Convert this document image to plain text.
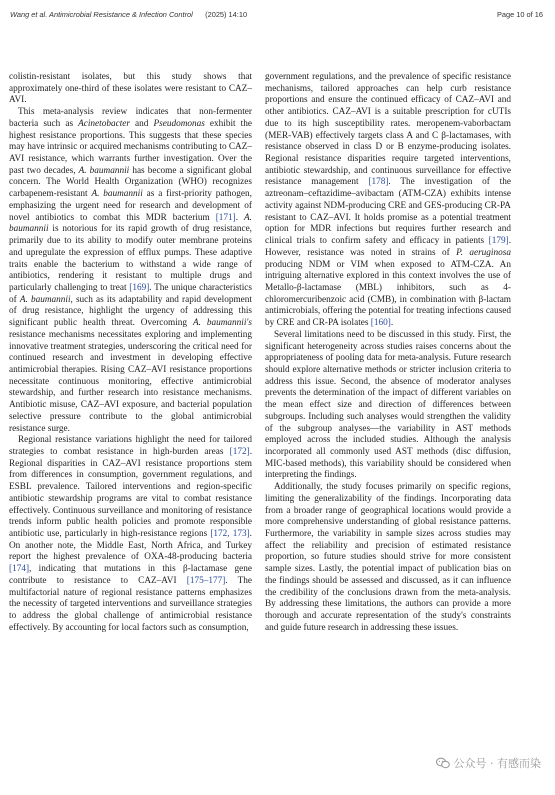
Wang et al. Antimicrobial Resistance & Infection Control (2025) 14:10	Page 10 of 16

colistin-resistant isolates, but this study shows that approximately one-third of these isolates were resistant to CAZ–AVI.

This meta-analysis review indicates that non-fermenter bacteria such as Acinetobacter and Pseudomonas exhibit the highest resistance proportions. This suggests that these species may have intrinsic or acquired mechanisms contributing to CAZ–AVI resistance, which warrants further investigation. Over the past two decades, A. baumannii has become a significant global concern. The World Health Organization (WHO) recognizes carbapenem-resistant A. baumannii as a first-priority pathogen, emphasizing the urgent need for research and development of novel antibiotics to combat this MDR bacterium [171]. A. baumannii is notorious for its rapid growth of drug resistance, primarily due to its ability to modify outer membrane proteins and upregulate the expression of efflux pumps. These adaptive traits enable the bacterium to withstand a wide range of antibiotics, rendering it resistant to multiple drugs and particularly challenging to treat [169]. The unique characteristics of A. baumannii, such as its adaptability and rapid development of drug resistance, highlight the urgency of addressing this significant public health threat. Overcoming A. baumannii's resistance mechanisms necessitates exploring and implementing innovative treatment strategies, underscoring the critical need for continued research and investment in developing effective antimicrobial therapies. Rising CAZ–AVI resistance proportions necessitate continuous monitoring, effective antimicrobial stewardship, and further research into resistance mechanisms. Antibiotic misuse, CAZ–AVI exposure, and bacterial population selective pressure contribute to the global antimicrobial resistance surge.

Regional resistance variations highlight the need for tailored strategies to combat resistance in high-burden areas [172]. Regional disparities in CAZ–AVI resistance proportions stem from differences in consumption, government regulations, and ESBL prevalence. Tailored interventions and region-specific antibiotic stewardship programs are vital to combat resistance effectively. Continuous surveillance and monitoring of resistance trends inform public health policies and promote responsible antibiotic use, particularly in high-resistance regions [172, 173]. On another note, the Middle East, North Africa, and Turkey report the highest prevalence of OXA-48-producing bacteria [174], indicating that mutations in this β-lactamase gene contribute to resistance to CAZ–AVI [175–177]. The multifactorial nature of regional resistance patterns emphasizes the necessity of targeted interventions and surveillance strategies to address the global challenge of antimicrobial resistance effectively. By accounting for local factors such as consumption,

government regulations, and the prevalence of specific resistance mechanisms, tailored approaches can help curb resistance proportions and ensure the continued efficacy of CAZ–AVI and other antibiotics. CAZ–AVI is a suitable prescription for cUTIs due to its high susceptibility rates. meropenem-vaborbactam (MER-VAB) effectively targets class A and C β-lactamases, with resistance observed in class D or B enzyme-producing isolates. Regional resistance disparities require targeted interventions, antibiotic stewardship, and continuous surveillance for effective resistance management [178]. The investigation of the aztreonam–ceftazidime–avibactam (ATM-CZA) exhibits intense activity against NDM-producing CRE and GES-producing CR-PA resistant to CAZ–AVI. It holds promise as a potential treatment option for MDR infections but requires further research and clinical trials to confirm safety and efficacy in patients [179]. However, resistance was noted in strains of P. aeruginosa producing NDM or VIM when exposed to ATM-CZA. An intriguing alternative explored in this context involves the use of Metallo-β-lactamase (MBL) inhibitors, such as 4-chloromercuribenzoic acid (CMB), in combination with β-lactam antimicrobials, offering the potential for treating infections caused by CRE and CR-PA isolates [160].

Several limitations need to be discussed in this study. First, the significant heterogeneity across studies raises concerns about the appropriateness of pooling data for meta-analysis. Future research should explore alternative methods or stricter inclusion criteria to address this issue. Second, the absence of moderator analyses prevents the determination of the impact of different variables on the mean effect size and direction of differences between subgroups. Including such analyses would strengthen the validity of the subgroup analyses—the variability in AST methods employed across the included studies. Although the analysis incorporated all commonly used AST methods (disc diffusion, MIC-based methods), this variability should be considered when interpreting the findings.

Additionally, the study focuses primarily on specific regions, limiting the generalizability of the findings. Incorporating data from a broader range of geographical locations would provide a more comprehensive understanding of global resistance patterns. Furthermore, the variability in sample sizes across studies may affect the reliability and precision of estimated resistance proportion, so future studies should strive for more consistent sample sizes. Lastly, the potential impact of publication bias on the findings should be assessed and discussed, as it can influence the credibility of the conclusions drawn from the meta-analysis. By addressing these limitations, the authors can provide a more thorough and accurate representation of the study's constraints and guide future research in addressing these issues.

公众号 · 有感而染
